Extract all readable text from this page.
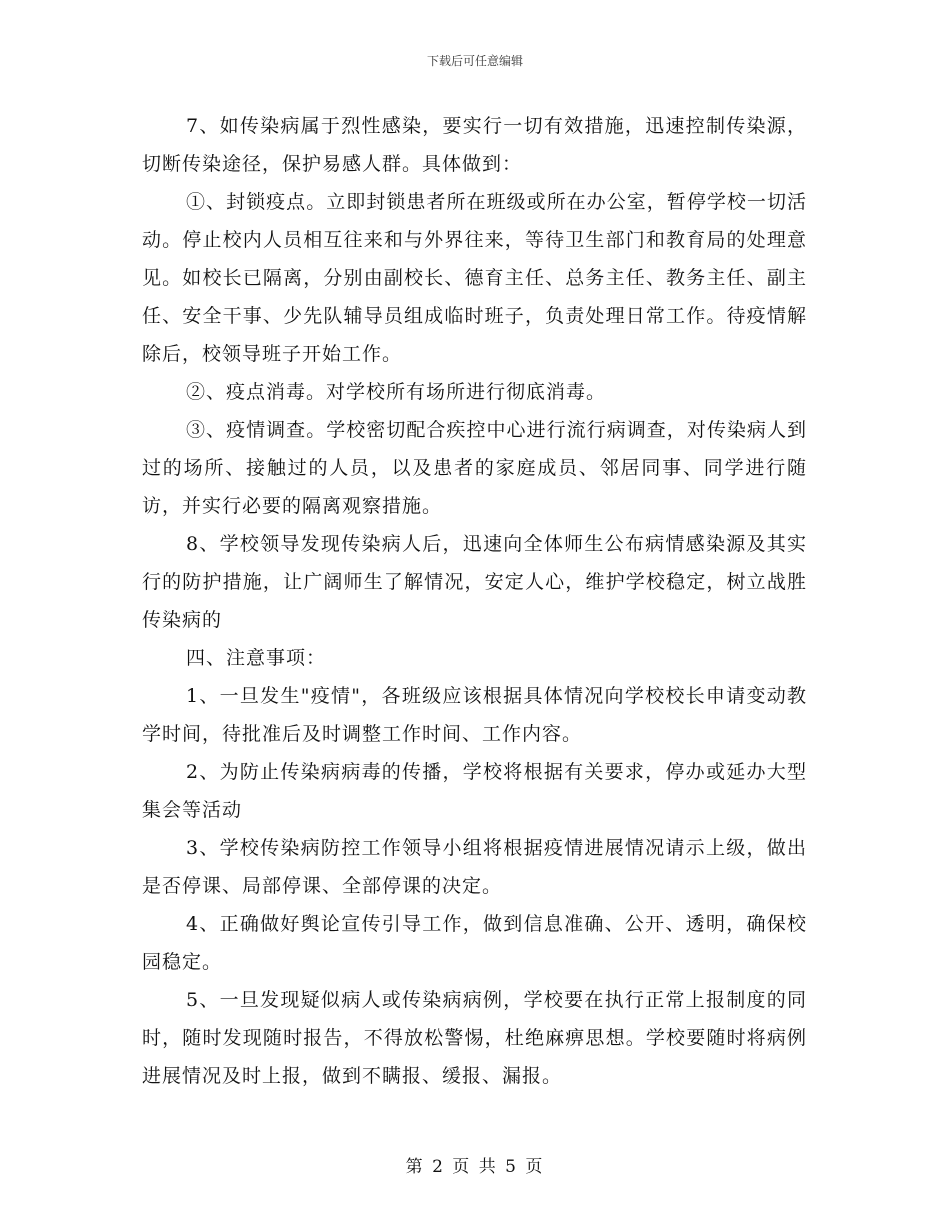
下载后可任意编辑

7、如传染病属于烈性感染，要实行一切有效措施，迅速控制传染源，切断传染途径，保护易感人群。具体做到：

①、封锁疫点。立即封锁患者所在班级或所在办公室，暂停学校一切活动。停止校内人员相互往来和与外界往来，等待卫生部门和教育局的处理意见。如校长已隔离，分别由副校长、德育主任、总务主任、教务主任、副主任、安全干事、少先队辅导员组成临时班子，负责处理日常工作。待疫情解除后，校领导班子开始工作。

②、疫点消毒。对学校所有场所进行彻底消毒。

③、疫情调查。学校密切配合疾控中心进行流行病调查，对传染病人到过的场所、接触过的人员，以及患者的家庭成员、邻居同事、同学进行随访，并实行必要的隔离观察措施。

8、学校领导发现传染病人后，迅速向全体师生公布病情感染源及其实行的防护措施，让广阔师生了解情况，安定人心，维护学校稳定，树立战胜传染病的

四、注意事项：

1、一旦发生"疫情"，各班级应该根据具体情况向学校校长申请变动教学时间，待批准后及时调整工作时间、工作内容。

2、为防止传染病病毒的传播，学校将根据有关要求，停办或延办大型集会等活动

3、学校传染病防控工作领导小组将根据疫情进展情况请示上级，做出是否停课、局部停课、全部停课的决定。

4、正确做好舆论宣传引导工作，做到信息准确、公开、透明，确保校园稳定。

5、一旦发现疑似病人或传染病病例，学校要在执行正常上报制度的同时，随时发现随时报告，不得放松警惕，杜绝麻痹思想。学校要随时将病例进展情况及时上报，做到不瞒报、缓报、漏报。

第 2 页 共 5 页
